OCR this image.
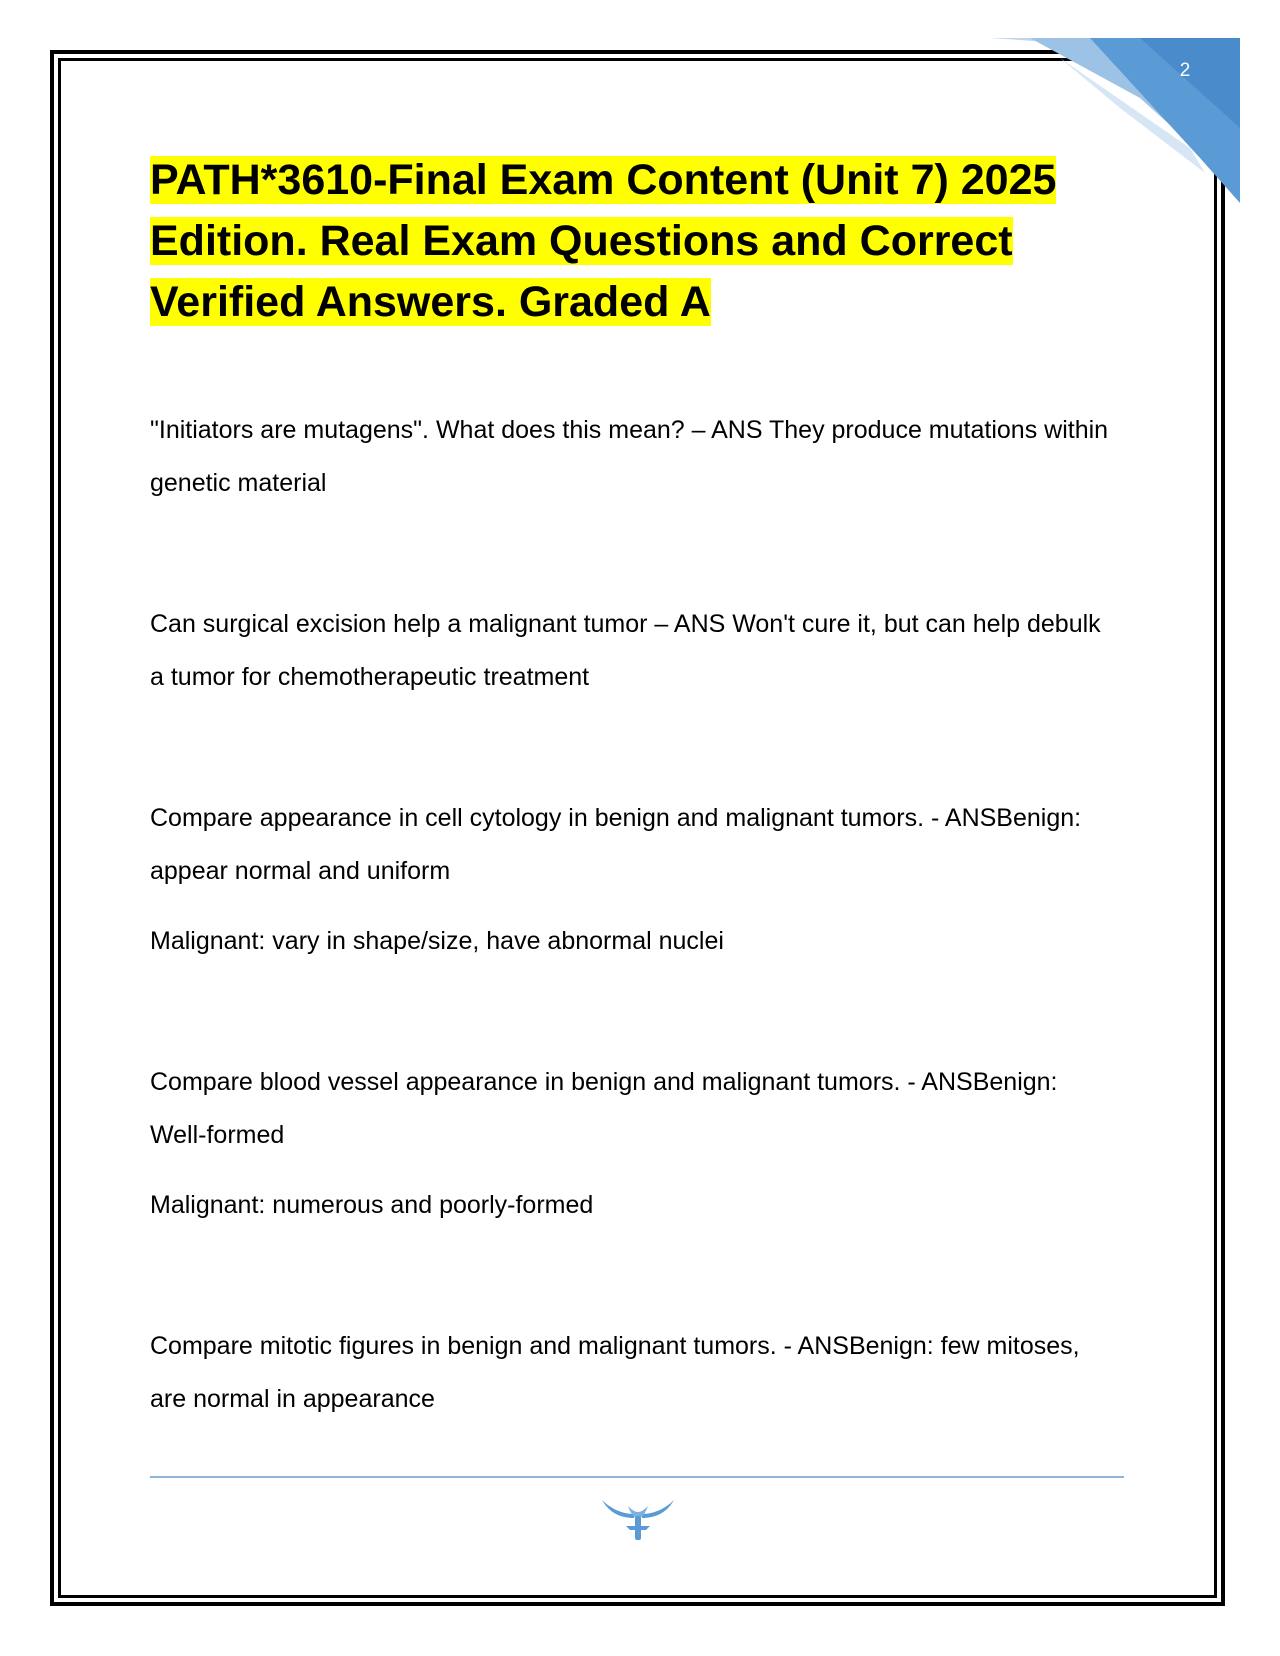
2
PATH*3610-Final Exam Content (Unit 7) 2025 Edition. Real Exam Questions and Correct Verified Answers. Graded A

"Initiators are mutagens". What does this mean? – ANS They produce mutations within genetic material

Can surgical excision help a malignant tumor – ANS Won't cure it, but can help debulk a tumor for chemotherapeutic treatment

Compare appearance in cell cytology in benign and malignant tumors. - ANSBenign: appear normal and uniform

Malignant: vary in shape/size, have abnormal nuclei

Compare blood vessel appearance in benign and malignant tumors. - ANSBenign: Well-formed

Malignant: numerous and poorly-formed

Compare mitotic figures in benign and malignant tumors. - ANSBenign: few mitoses, are normal in appearance
